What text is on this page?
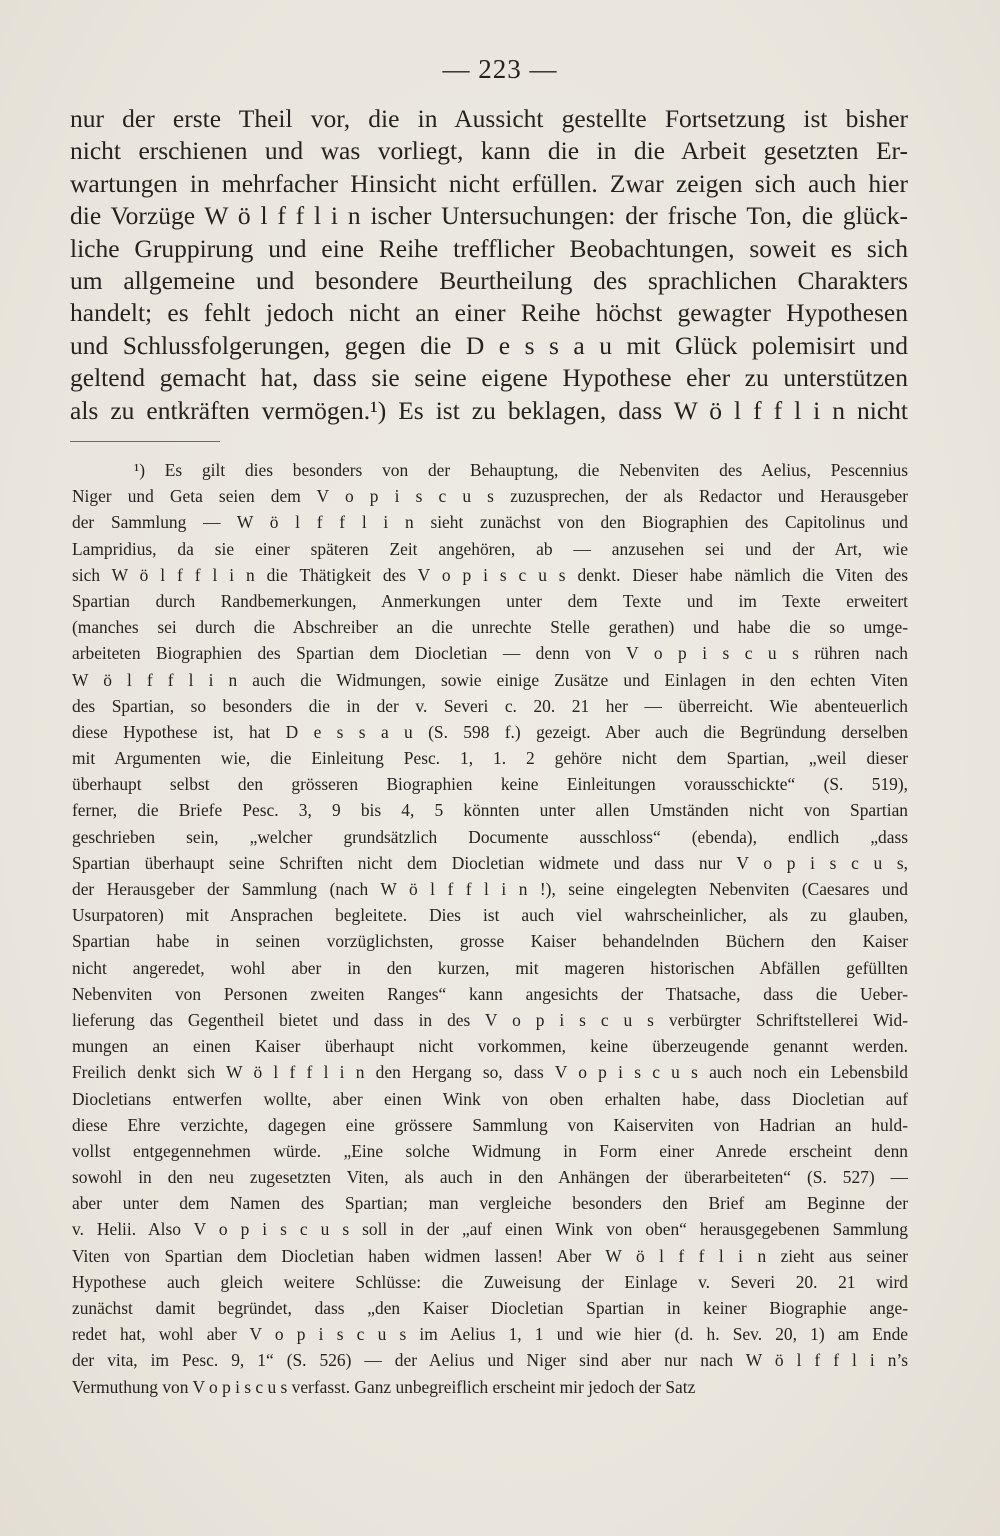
— 223 —
nur der erste Theil vor, die in Aussicht gestellte Fortsetzung ist bisher
nicht erschienen und was vorliegt, kann die in die Arbeit gesetzten Er-
wartungen in mehrfacher Hinsicht nicht erfüllen. Zwar zeigen sich auch hier
die Vorzüge W ö l f f l i n ischer Untersuchungen: der frische Ton, die glück-
liche Gruppirung und eine Reihe trefflicher Beobachtungen, soweit es sich
um allgemeine und besondere Beurtheilung des sprachlichen Charakters
handelt; es fehlt jedoch nicht an einer Reihe höchst gewagter Hypothesen
und Schlussfolgerungen, gegen die D e s s a u mit Glück polemisirt und
geltend gemacht hat, dass sie seine eigene Hypothese eher zu unterstützen
als zu entkräften vermögen.¹) Es ist zu beklagen, dass W ö l f f l i n nicht
¹) Es gilt dies besonders von der Behauptung, die Nebenviten des Aelius, Pescennius
Niger und Geta seien dem V o p i s c u s zuzusprechen, der als Redactor und Herausgeber
der Sammlung — W ö l f f l i n sieht zunächst von den Biographien des Capitolinus und
Lampridius, da sie einer späteren Zeit angehören, ab — anzusehen sei und der Art, wie
sich W ö l f f l i n die Thätigkeit des V o p i s c u s denkt. Dieser habe nämlich die Viten des
Spartian durch Randbemerkungen, Anmerkungen unter dem Texte und im Texte erweitert
(manches sei durch die Abschreiber an die unrechte Stelle gerathen) und habe die so umge-
arbeiteten Biographien des Spartian dem Diocletian — denn von V o p i s c u s rühren nach
W ö l f f l i n auch die Widmungen, sowie einige Zusätze und Einlagen in den echten Viten
des Spartian, so besonders die in der v. Severi c. 20. 21 her — überreicht. Wie abenteuerlich
diese Hypothese ist, hat D e s s a u (S. 598 f.) gezeigt. Aber auch die Begründung derselben
mit Argumenten wie, die Einleitung Pesc. 1, 1. 2 gehöre nicht dem Spartian, „weil dieser
überhaupt selbst den grösseren Biographien keine Einleitungen vorausschickte“ (S. 519),
ferner, die Briefe Pesc. 3, 9 bis 4, 5 könnten unter allen Umständen nicht von Spartian
geschrieben sein, „welcher grundsätzlich Documente ausschloss“ (ebenda), endlich „dass
Spartian überhaupt seine Schriften nicht dem Diocletian widmete und dass nur V o p i s c u s,
der Herausgeber der Sammlung (nach W ö l f f l i n !), seine eingelegten Nebenviten (Caesares und
Usurpatoren) mit Ansprachen begleitete. Dies ist auch viel wahrscheinlicher, als zu glauben,
Spartian habe in seinen vorzüglichsten, grosse Kaiser behandelnden Büchern den Kaiser
nicht angeredet, wohl aber in den kurzen, mit mageren historischen Abfällen gefüllten
Nebenviten von Personen zweiten Ranges“ kann angesichts der Thatsache, dass die Ueber-
lieferung das Gegentheil bietet und dass in des V o p i s c u s verbürgter Schriftstellerei Wid-
mungen an einen Kaiser überhaupt nicht vorkommen, keine überzeugende genannt werden.
Freilich denkt sich W ö l f f l i n den Hergang so, dass V o p i s c u s auch noch ein Lebensbild
Diocletians entwerfen wollte, aber einen Wink von oben erhalten habe, dass Diocletian auf
diese Ehre verzichte, dagegen eine grössere Sammlung von Kaiserviten von Hadrian an huld-
vollst entgegennehmen würde. „Eine solche Widmung in Form einer Anrede erscheint denn
sowohl in den neu zugesetzten Viten, als auch in den Anhängen der überarbeiteten“ (S. 527) —
aber unter dem Namen des Spartian; man vergleiche besonders den Brief am Beginne der
v. Helii. Also V o p i s c u s soll in der „auf einen Wink von oben“ herausgegebenen Sammlung
Viten von Spartian dem Diocletian haben widmen lassen! Aber W ö l f f l i n zieht aus seiner
Hypothese auch gleich weitere Schlüsse: die Zuweisung der Einlage v. Severi 20. 21 wird
zunächst damit begründet, dass „den Kaiser Diocletian Spartian in keiner Biographie ange-
redet hat, wohl aber V o p i s c u s im Aelius 1, 1 und wie hier (d. h. Sev. 20, 1) am Ende
der vita, im Pesc. 9, 1“ (S. 526) — der Aelius und Niger sind aber nur nach W ö l f f l i n’s
Vermuthung von V o p i s c u s verfasst. Ganz unbegreiflich erscheint mir jedoch der Satz
